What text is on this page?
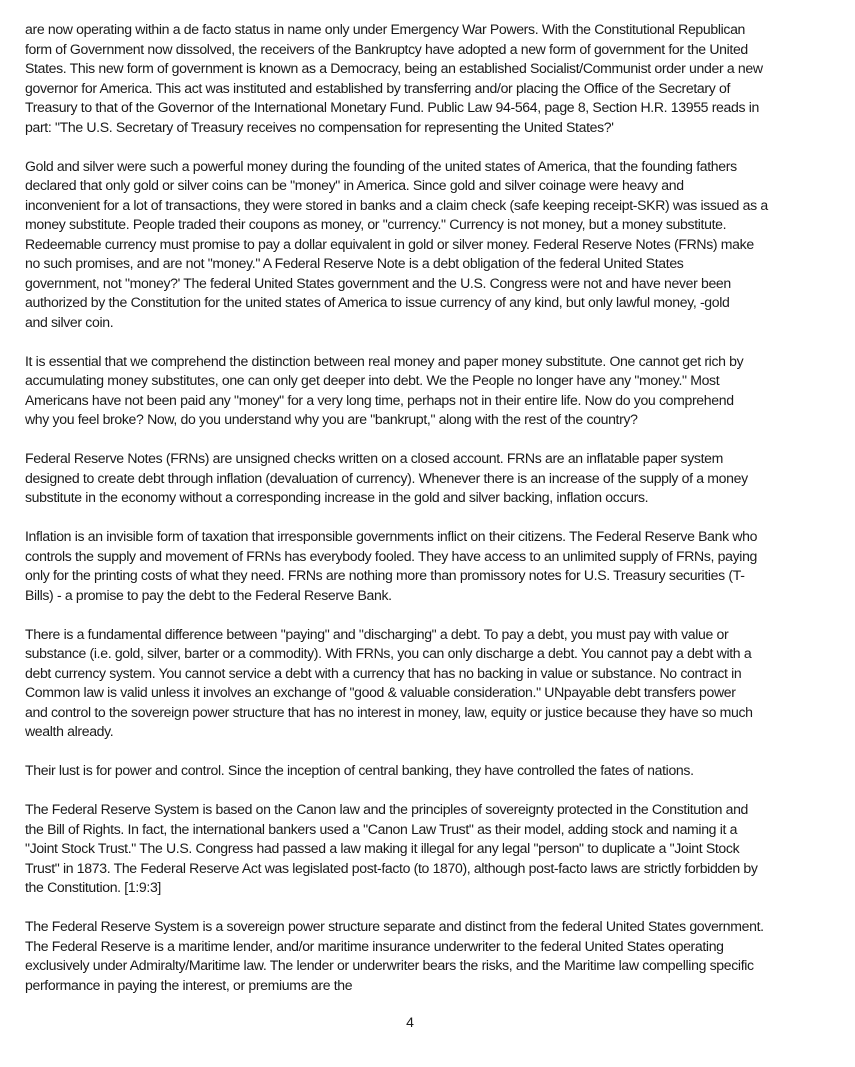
are now operating within a de facto status in name only under Emergency War Powers. With the Constitutional Republican
form of Government now dissolved, the receivers of the Bankruptcy have adopted a new form of government for the United
States. This new form of government is known as a Democracy, being an established Socialist/Communist order under a new
governor for America. This act was instituted and established by transferring and/or placing the Office of the Secretary of
Treasury to that of the Governor of the International Monetary Fund. Public Law 94-564, page 8, Section H.R. 13955 reads in
part: "The U.S. Secretary of Treasury receives no compensation for representing the United States?'

Gold and silver were such a powerful money during the founding of the united states of America, that the founding fathers
declared that only gold or silver coins can be "money" in America. Since gold and silver coinage were heavy and
inconvenient for a lot of transactions, they were stored in banks and a claim check (safe keeping receipt-SKR) was issued as a
money substitute. People traded their coupons as money, or "currency." Currency is not money, but a money substitute.
Redeemable currency must promise to pay a dollar equivalent in gold or silver money. Federal Reserve Notes (FRNs) make
no such promises, and are not "money." A Federal Reserve Note is a debt obligation of the federal United States
government, not "money?' The federal United States government and the U.S. Congress were not and have never been
authorized by the Constitution for the united states of America to issue currency of any kind, but only lawful money, -gold
and silver coin.

It is essential that we comprehend the distinction between real money and paper money substitute. One cannot get rich by
accumulating money substitutes, one can only get deeper into debt. We the People no longer have any "money." Most
Americans have not been paid any "money" for a very long time, perhaps not in their entire life. Now do you comprehend
why you feel broke? Now, do you understand why you are "bankrupt," along with the rest of the country?

Federal Reserve Notes (FRNs) are unsigned checks written on a closed account. FRNs are an inflatable paper system
designed to create debt through inflation (devaluation of currency). Whenever there is an increase of the supply of a money
substitute in the economy without a corresponding increase in the gold and silver backing, inflation occurs.

Inflation is an invisible form of taxation that irresponsible governments inflict on their citizens. The Federal Reserve Bank who
controls the supply and movement of FRNs has everybody fooled. They have access to an unlimited supply of FRNs, paying
only for the printing costs of what they need. FRNs are nothing more than promissory notes for U.S. Treasury securities (T-
Bills) - a promise to pay the debt to the Federal Reserve Bank.

There is a fundamental difference between "paying" and "discharging" a debt. To pay a debt, you must pay with value or
substance (i.e. gold, silver, barter or a commodity). With FRNs, you can only discharge a debt. You cannot pay a debt with a
debt currency system. You cannot service a debt with a currency that has no backing in value or substance. No contract in
Common law is valid unless it involves an exchange of "good & valuable consideration." UNpayable debt transfers power
and control to the sovereign power structure that has no interest in money, law, equity or justice because they have so much
wealth already.

Their lust is for power and control. Since the inception of central banking, they have controlled the fates of nations.

The Federal Reserve System is based on the Canon law and the principles of sovereignty protected in the Constitution and
the Bill of Rights. In fact, the international bankers used a "Canon Law Trust" as their model, adding stock and naming it a
"Joint Stock Trust." The U.S. Congress had passed a law making it illegal for any legal "person" to duplicate a "Joint Stock
Trust" in 1873. The Federal Reserve Act was legislated post-facto (to 1870), although post-facto laws are strictly forbidden by
the Constitution. [1:9:3]

The Federal Reserve System is a sovereign power structure separate and distinct from the federal United States government.
The Federal Reserve is a maritime lender, and/or maritime insurance underwriter to the federal United States operating
exclusively under Admiralty/Maritime law. The lender or underwriter bears the risks, and the Maritime law compelling specific
performance in paying the interest, or premiums are the

4
